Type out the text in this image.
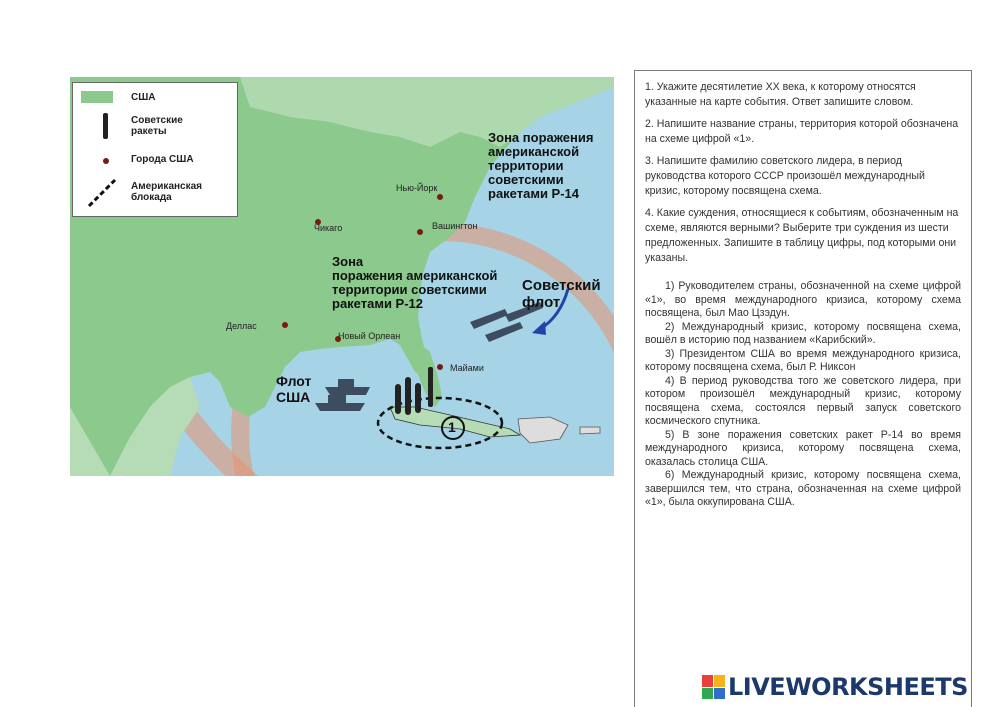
1
США
Советские
ракеты
Города США
Американская
блокада
Нью-Йорк
Вашингтон
Чикаго
Деллас
Новый Орлеан
Майами
Зона поражения
американской
территории
советскими
ракетами Р-14
Зона
поражения американской
территории советскими
ракетами Р-12
Советский
флот
Флот
США

1. Укажите десятилетие XX века, к которому относятся указанные на карте события. Ответ запишите словом.

2. Напишите название страны, территория которой обозначена на схеме цифрой «1».

3. Напишите фамилию советского лидера, в период руководства которого СССР произошёл международный кризис, которому посвящена схема.

4. Какие суждения, относящиеся к событиям, обозначенным на схеме, являются верными? Выберите три суждения из шести предложенных. Запишите в таблицу цифры, под которыми они указаны.

1) Руководителем страны, обозначенной на схеме цифрой «1», во время международного кризиса, которому схема посвящена, был Мао Цзэдун.
2) Международный кризис, которому посвящена схема, вошёл в историю под названием «Карибский».
3) Президентом США во время международного кризиса, которому посвящена схема, был Р. Никсон
4) В период руководства того же советского лидера, при котором произошёл международный кризис, которому посвящена схема, состоялся первый запуск советского космического спутника.
5) В зоне поражения советских ракет Р-14 во время международного кризиса, которому посвящена схема, оказалась столица США.
6) Международный кризис, которому посвящена схема, завершился тем, что страна, обозначенная на схеме цифрой «1», была оккупирована США.
LIVEWORKSHEETS
